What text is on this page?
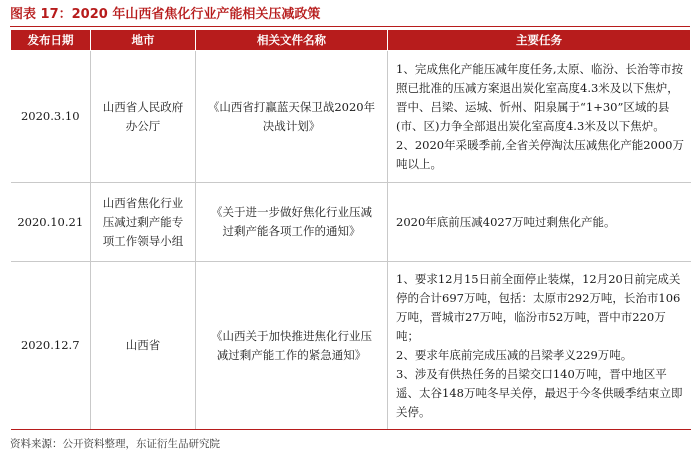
图表 17：2020 年山西省焦化行业产能相关压减政策
发布日期	地市	相关文件名称	主要任务
2020.3.10	山西省人民政府办公厅	《山西省打赢蓝天保卫战2020年决战计划》	1、完成焦化产能压减年度任务,太原、临汾、长治等市按照已批准的压减方案退出炭化室高度4.3米及以下焦炉，晋中、吕梁、运城、忻州、阳泉属于“1+30”区域的县(市、区)力争全部退出炭化室高度4.3米及以下焦炉。
2、2020年采暖季前,全省关停淘汰压减焦化产能2000万吨以上。

2020.10.21	山西省焦化行业压减过剩产能专项工作领导小组	《关于进一步做好焦化行业压减过剩产能各项工作的通知》	2020年底前压减4027万吨过剩焦化产能。

2020.12.7	山西省	《山西关于加快推进焦化行业压减过剩产能工作的紧急通知》	1、要求12月15日前全面停止装煤，12月20日前完成关停的合计697万吨，包括：太原市292万吨，长治市106万吨，晋城市27万吨，临汾市52万吨，晋中市220万吨；
2、要求年底前完成压减的吕梁孝义229万吨。
3、涉及有供热任务的吕梁交口140万吨，晋中地区平遥、太谷148万吨冬早关停，最迟于今冬供暖季结束立即关停。
资料来源：公开资料整理，东证衍生品研究院
